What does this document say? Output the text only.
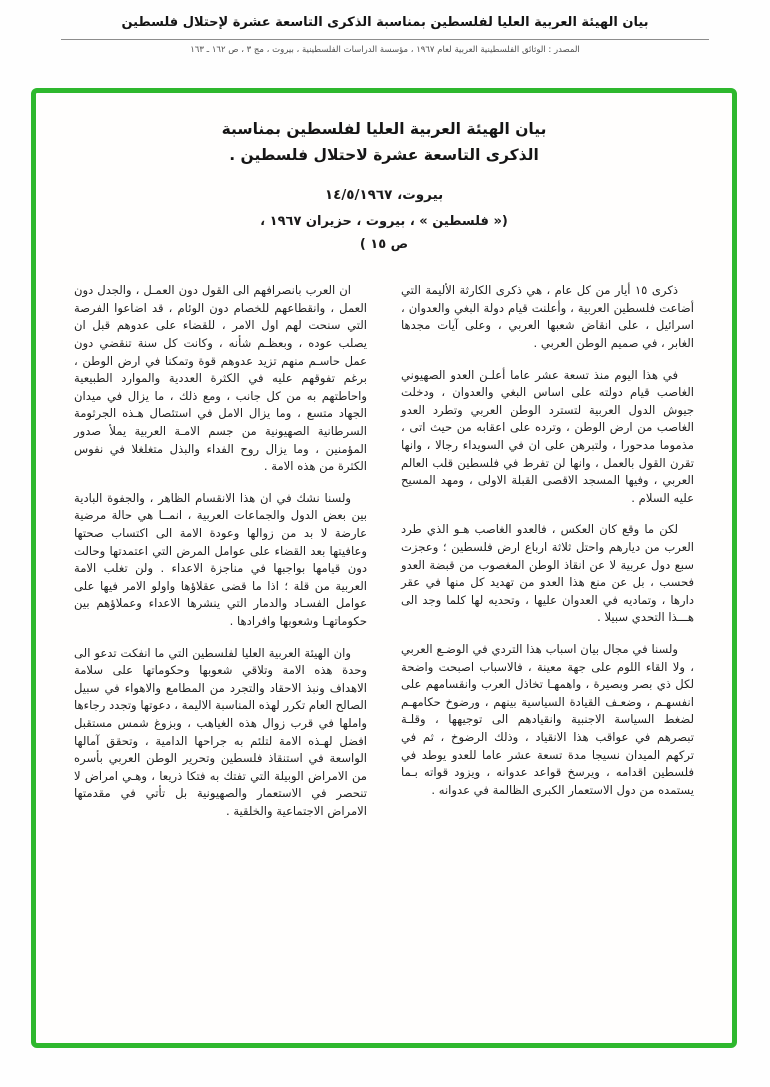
بيان الهيئة العربية العليا لفلسطين بمناسبة الذكرى التاسعة عشرة لإحتلال فلسطين
المصدر : الوثائق الفلسطينية العربية لعام ١٩٦٧ ، مؤسسة الدراسات الفلسطينية ، بيروت ، مج ٣ ، ص ١٦٢ ـ ١٦٣
بيان الهيئة العربية العليا لفلسطين بمناسبة
الذكرى التاسعة عشرة لاحتلال فلسطين .
بيروت، ١٤/٥/١٩٦٧
(« فلسطين » ، بيروت ، حزيران ١٩٦٧ ،
ص ١٥ )

ذكرى ١٥ أيار من كل عام ، هي ذكرى الكارثة الأليمة التي أضاعت فلسطين العربية ، وأعلنت قيام دولة البغي والعدوان ، اسرائيل ، على انقاض شعبها العربي ، وعلى آيات مجدها الغابر ، في صميم الوطن العربي .

في هذا اليوم منذ تسعة عشر عاما أعلـن العدو الصهيوني الغاصب قيام دولته على اساس البغي والعدوان ، ودخلت جيوش الدول العربية لتسترد الوطن العربي وتطرد العدو الغاصب من ارض الوطن ، وترده على اعقابه من حيث اتى ، مذموما مدحورا ، ولتبرهن على ان في السويداء رجالا ، وانها تقرن القول بالعمل ، وانها لن تفرط في فلسطين قلب العالم العربي ، وفيها المسجد الاقصى القبلة الاولى ، ومهد المسيح عليه السلام .

لكن ما وقع كان العكس ، فالعدو الغاصب هـو الذي طرد العرب من ديارهم واحتل ثلاثة ارباع ارض فلسطين ؛ وعجزت سبع دول عربية لا عن انقاذ الوطن المغصوب من قبضة العدو فحسب ، بل عن منع هذا العدو من تهديد كل منها في عقر دارها ، وتماديه في العدوان عليها ، وتحديه لها كلما وجد الى هـــذا التحدي سبيلا .

ولسنا في مجال بيان اسباب هذا التردي في الوضـع العربي ، ولا القاء اللوم على جهة معينة ، فالاسباب اصبحت واضحة لكل ذي بصر وبصيرة ، واهمهـا تخاذل العرب وانقسامهم على انفسهـم ، وضعـف القيادة السياسية بينهم ، ورضوخ حكامهـم لضغط السياسة الاجنبية وانقيادهم الى توجيهها ، وقلـة تبصرهم في عواقب هذا الانقياد ، وذلك الرضوخ ، ثم في تركهم الميدان نسيجا مدة تسعة عشر عاما للعدو يوطد في فلسطين اقدامه ، ويرسخ قواعد عدوانه ، ويزود قواته بـما يستمده من دول الاستعمار الكبرى الظالمة في عدوانه .

ان العرب بانصرافهم الى القول دون العمـل ، والجدل دون العمل ، وانقطاعهم للخصام دون الوئام ، قد اضاعوا الفرصة التي سنحت لهم اول الامر ، للقضاء على عدوهم قبل ان يصلب عوده ، وبعظـم شأنه ، وكانت كل سنة تنقضي دون عمل حاسـم منهم تزيد عدوهم قوة وتمكنا في ارض الوطن ، برغم تفوقهم عليه في الكثرة العددية والموارد الطبيعية واحاطتهم به من كل جانب ، ومع ذلك ، ما يزال في ميدان الجهاد متسع ، وما يزال الامل في استئصال هـذه الجرثومة السرطانية الصهيونية من جسم الامـة العربية يملأ صدور المؤمنين ، وما يزال روح الفداء والبذل متغلغلا في نفوس الكثرة من هذه الامة .

ولسنا نشك في ان هذا الانقسام الظاهر ، والجفوة البادية بين بعض الدول والجماعات العربية ، انمــا هي حالة مرضية عارضة لا بد من زوالها وعودة الامة الى اكتساب صحتها وعافيتها بعد القضاء على عوامل المرض التي اعتمدتها وحالت دون قيامها بواجبها في مناجزة الاعداء . ولن تغلب الامة العربية من قلة ؛ اذا ما قضى عقلاؤها واولو الامر فيها على عوامل الفسـاد والدمار التي ينشرها الاعداء وعملاؤهم بين حكوماتهـا وشعوبها وافرادها .

وان الهيئة العربية العليا لفلسطين التي ما انفكت تدعو الى وحدة هذه الامة وتلاقي شعوبها وحكوماتها على سلامة الاهداف ونبذ الاحقاد والتجرد من المطامع والاهواء في سبيل الصالح العام تكرر لهذه المناسبة الاليمة ، دعوتها وتجدد رجاءها واملها في قرب زوال هذه الغياهب ، وبزوغ شمس مستقبل افضل لهـذه الامة لتلئم به جراحها الدامية ، وتحقق آمالها الواسعة في استنقاذ فلسطين وتحرير الوطن العربي بأسره من الامراض الوبيلة التي تفتك به فتكا ذريعا ، وهـي امراض لا تنحصر في الاستعمار والصهيونية بل تأتي في مقدمتها الامراض الاجتماعية والخلقية .
